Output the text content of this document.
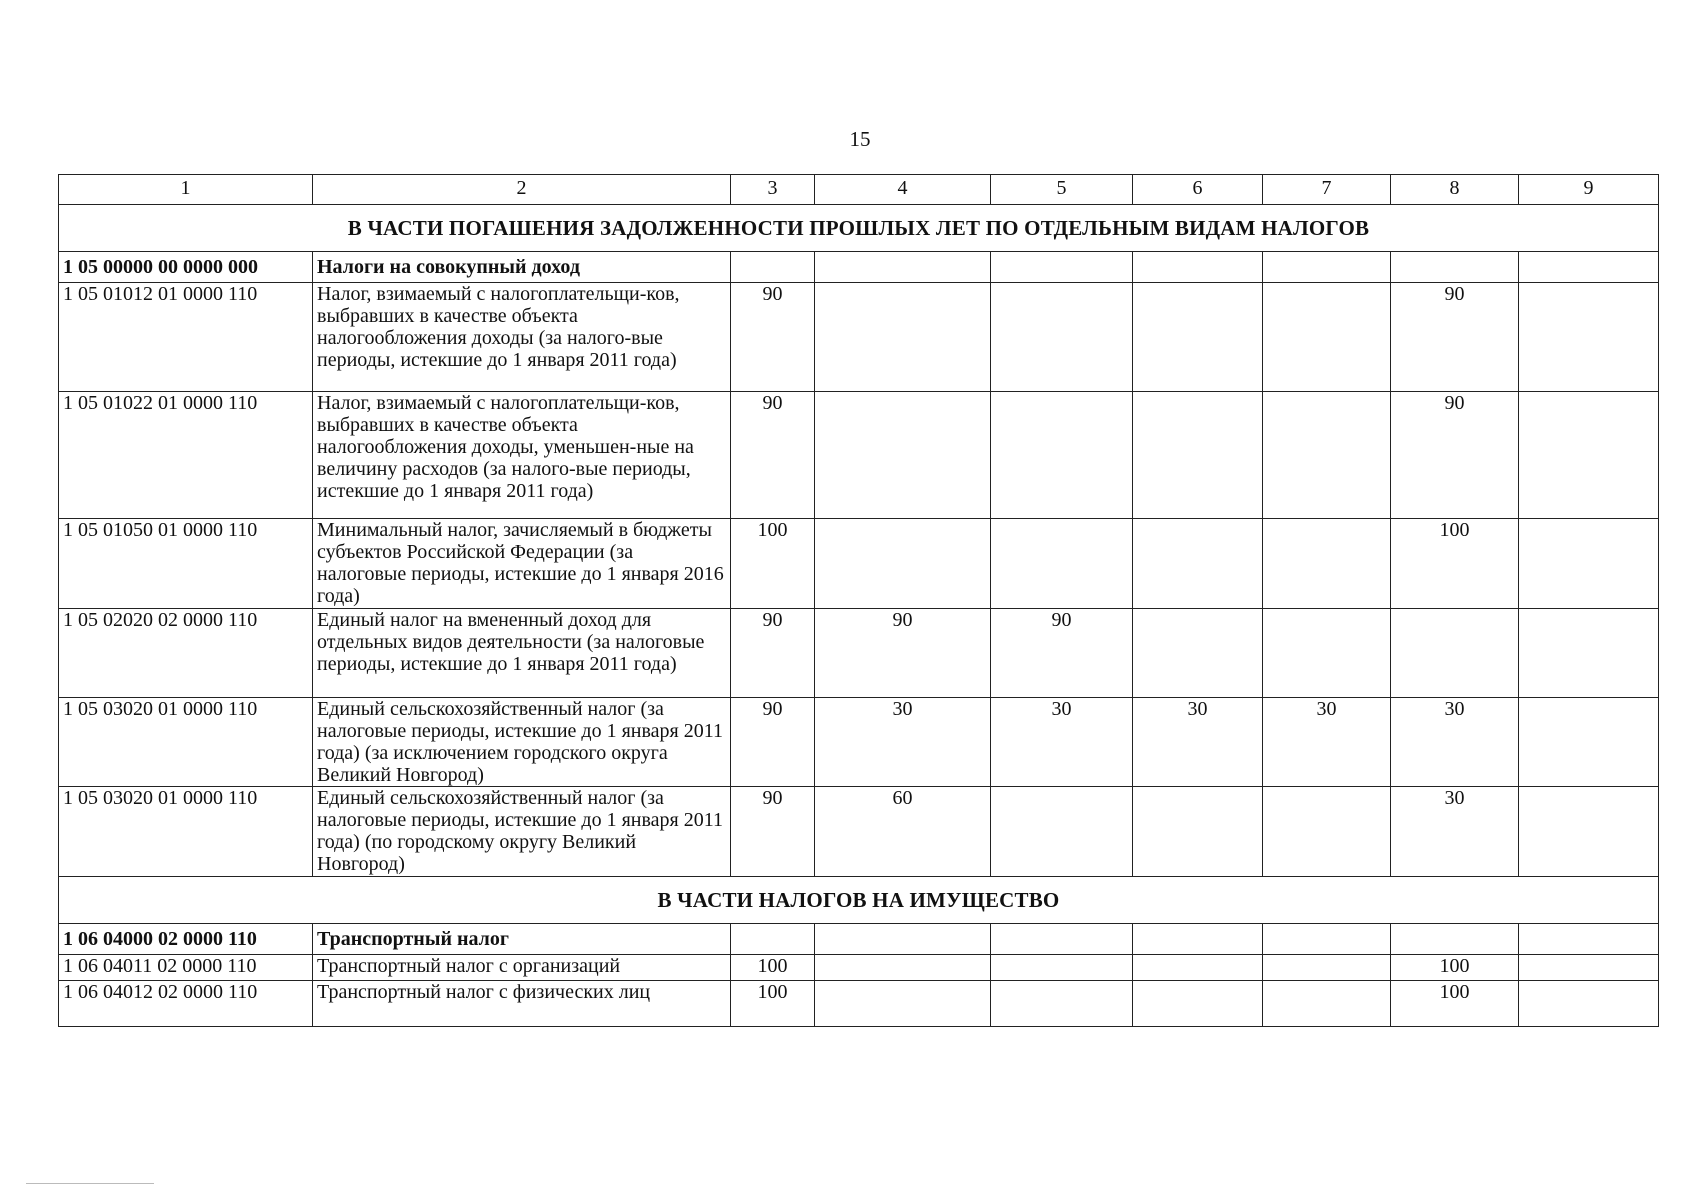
15
1	2	3	4	5	6	7	8	9
В ЧАСТИ ПОГАШЕНИЯ ЗАДОЛЖЕННОСТИ ПРОШЛЫХ ЛЕТ ПО ОТДЕЛЬНЫМ ВИДАМ НАЛОГОВ								
1 05 00000 00 0000 000	Налоги на совокупный доход							
1 05 01012 01 0000 110	Налог, взимаемый с налогоплательщи-ков, выбравших в качестве объекта налогообложения доходы (за налого-вые периоды, истекшие до 1 января 2011 года)	90					90	
1 05 01022 01 0000 110	Налог, взимаемый с налогоплательщи-ков, выбравших в качестве объекта налогообложения доходы, уменьшен-ные на величину расходов (за налого-вые периоды, истекшие до 1 января 2011 года)	90					90	
1 05 01050 01 0000 110	Минимальный налог, зачисляемый в бюджеты субъектов Российской Федерации (за налоговые периоды, истекшие до 1 января 2016 года)	100					100	
1 05 02020 02 0000 110	Единый налог на вмененный доход для отдельных видов деятельности (за налоговые периоды, истекшие до 1 января 2011 года)	90	90	90				
1 05 03020 01 0000 110	Единый сельскохозяйственный налог (за налоговые периоды, истекшие до 1 января 2011 года) (за исключением городского округа Великий Новгород)	90	30	30	30	30	30	
1 05 03020 01 0000 110	Единый сельскохозяйственный налог (за налоговые периоды, истекшие до 1 января 2011 года) (по городскому округу Великий Новгород)	90	60				30	
В ЧАСТИ НАЛОГОВ НА ИМУЩЕСТВО								
1 06 04000 02 0000 110	Транспортный налог							
1 06 04011 02 0000 110	Транспортный налог с организаций	100					100	
1 06 04012 02 0000 110	Транспортный налог с физических лиц	100					100	
